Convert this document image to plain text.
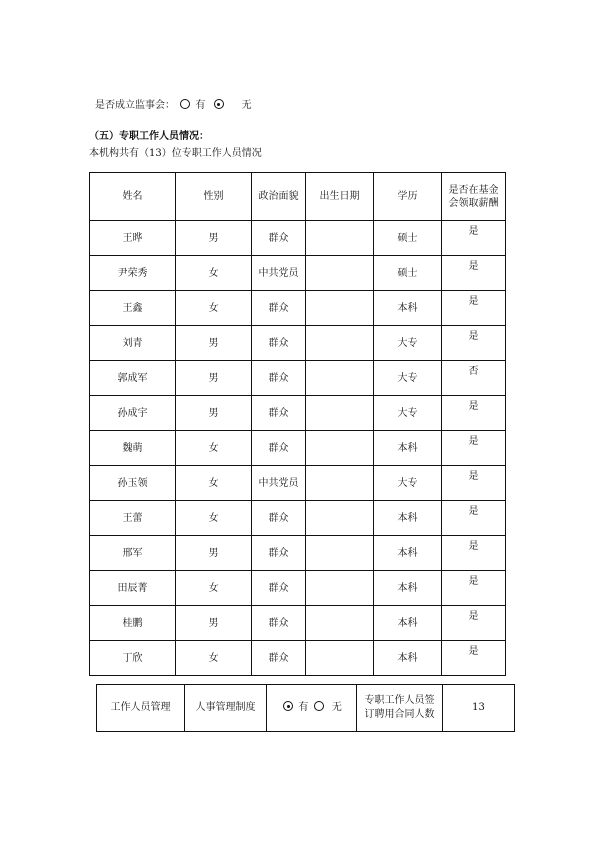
是否成立监事会： 有	无
（五）专职工作人员情况：
本机构共有（13）位专职工作人员情况
姓名	性别	政治面貌	出生日期	学历	是否在基金会领取薪酬
王晔	男	群众		硕士	是
尹荣秀	女	中共党员		硕士	是
王鑫	女	群众		本科	是
刘青	男	群众		大专	是
郭成军	男	群众		大专	否
孙成宇	男	群众		大专	是
魏萌	女	群众		本科	是
孙玉领	女	中共党员		大专	是
王蕾	女	群众		本科	是
邢军	男	群众		本科	是
田辰菁	女	群众		本科	是
桂鹏	男	群众		本科	是
丁欣	女	群众		本科	是
工作人员管理	人事管理制度	有 无	专职工作人员签订聘用合同人数	13
